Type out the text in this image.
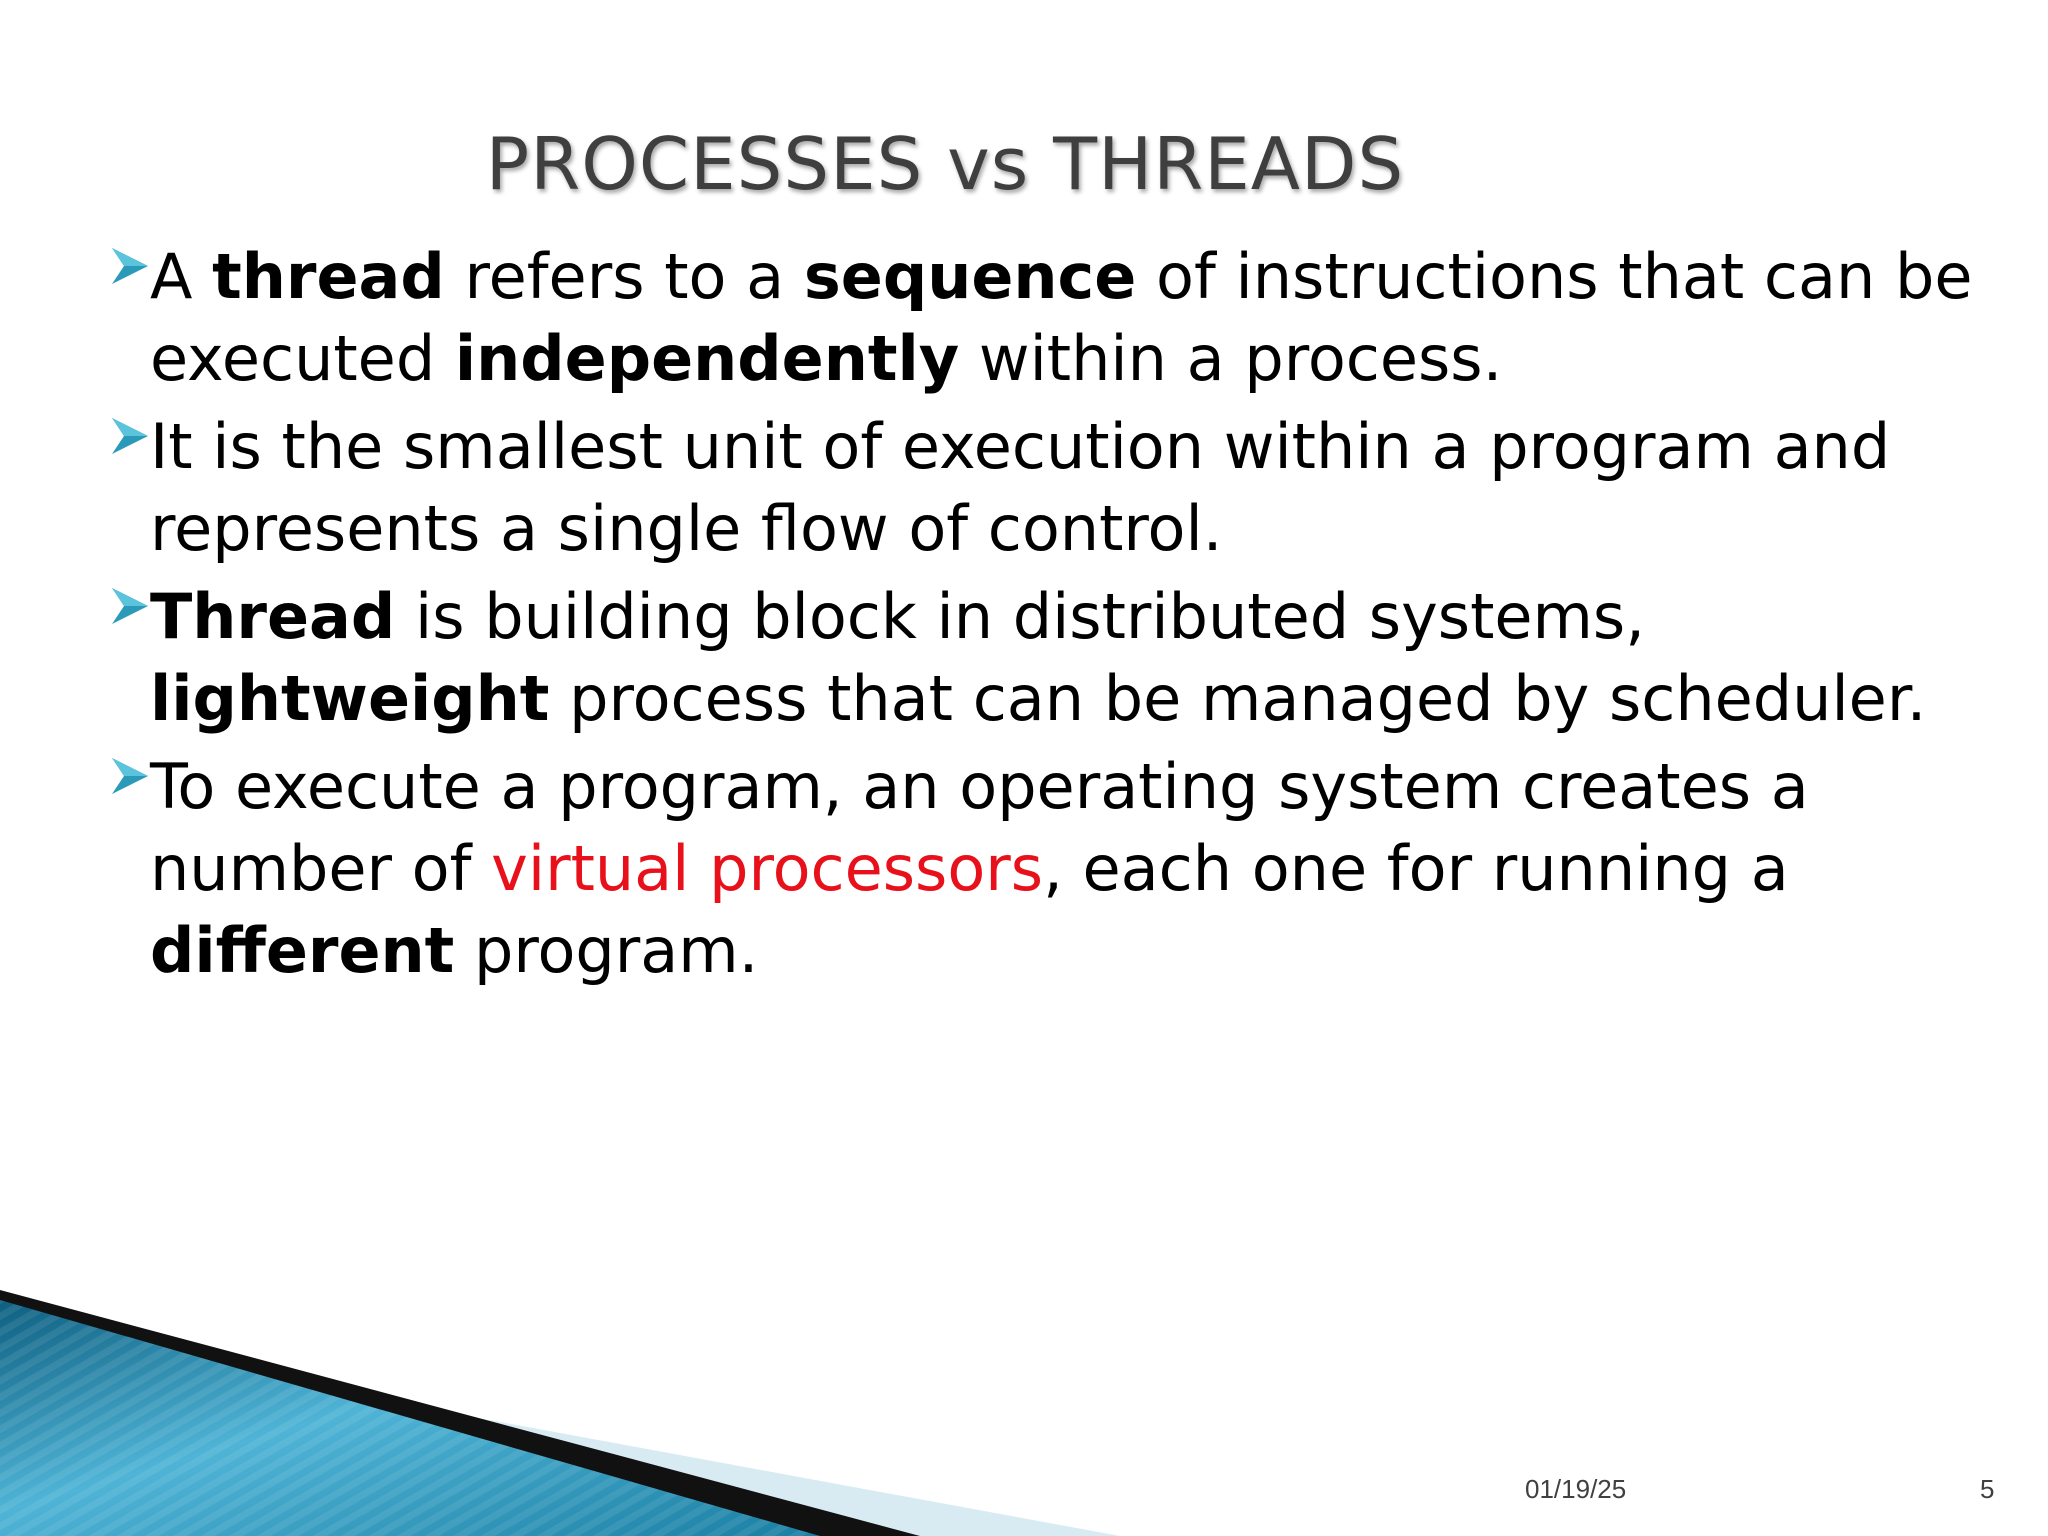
PROCESSES vs THREADS
A thread refers to a sequence of instructions that can be executed independently within a process.
It is the smallest unit of execution within a program and represents a single flow of control.
Thread is building block in distributed systems, lightweight process that can be managed by scheduler.
To execute a program, an operating system creates a number of virtual processors, each one for running a different program.
01/19/25	5
